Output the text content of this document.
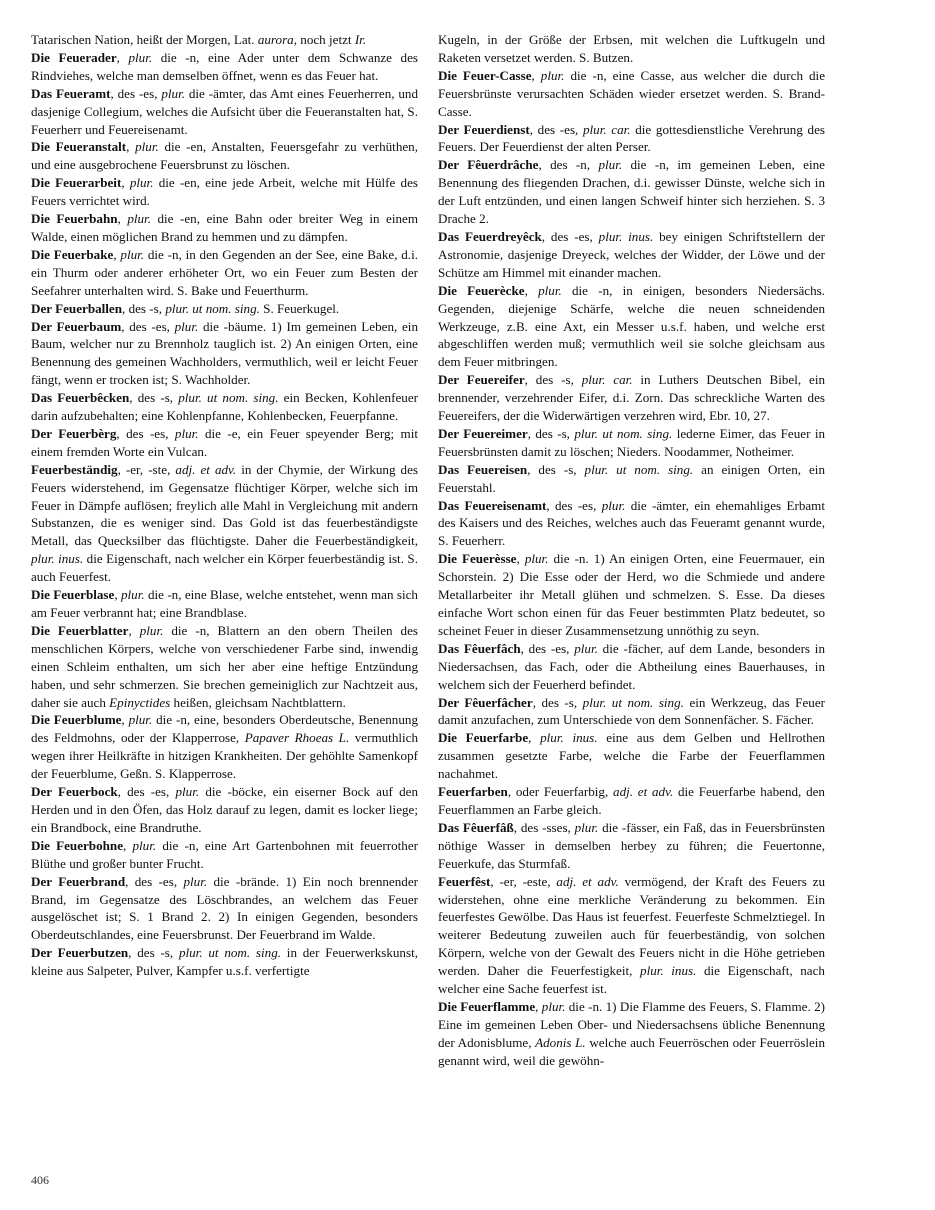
Tatarischen Nation, heißt der Morgen, Lat. aurora, noch jetzt Ir.

Die Feuerader, plur. die -n, eine Ader unter dem Schwanze des Rindviehes, welche man demselben öffnet, wenn es das Feuer hat.

Das Feueramt, des -es, plur. die -ämter, das Amt eines Feuerherren, und dasjenige Collegium, welches die Aufsicht über die Feueranstalten hat, S. Feuerherr und Feuereisenamt.

Die Feueranstalt, plur. die -en, Anstalten, Feuersgefahr zu verhüthen, und eine ausgebrochene Feuersbrunst zu löschen.

Die Feuerarbeit, plur. die -en, eine jede Arbeit, welche mit Hülfe des Feuers verrichtet wird.

Die Feuerbahn, plur. die -en, eine Bahn oder breiter Weg in einem Walde, einen möglichen Brand zu hemmen und zu dämpfen.

Die Feuerbake, plur. die -n, in den Gegenden an der See, eine Bake, d.i. ein Thurm oder anderer erhöheter Ort, wo ein Feuer zum Besten der Seefahrer unterhalten wird. S. Bake und Feuerthurm.

Der Feuerballen, des -s, plur. ut nom. sing. S. Feuerkugel.

Der Feuerbaum, des -es, plur. die -bäume. 1) Im gemeinen Leben, ein Baum, welcher nur zu Brennholz tauglich ist. 2) An einigen Orten, eine Benennung des gemeinen Wachholders, vermuthlich, weil er leicht Feuer fängt, wenn er trocken ist; S. Wachholder.

Das Feuerbêcken, des -s, plur. ut nom. sing. ein Becken, Kohlenfeuer darin aufzubehalten; eine Kohlenpfanne, Kohlenbecken, Feuerpfanne.

Der Feuerbèrg, des -es, plur. die -e, ein Feuer speyender Berg; mit einem fremden Worte ein Vulcan.

Feuerbeständig, -er, -ste, adj. et adv. in der Chymie, der Wirkung des Feuers widerstehend, im Gegensatze flüchtiger Körper, welche sich im Feuer in Dämpfe auflösen; freylich alle Mahl in Vergleichung mit andern Substanzen, die es weniger sind. Das Gold ist das feuerbeständigste Metall, das Quecksilber das flüchtigste. Daher die Feuerbeständigkeit, plur. inus. die Eigenschaft, nach welcher ein Körper feuerbeständig ist. S. auch Feuerfest.

Die Feuerblase, plur. die -n, eine Blase, welche entstehet, wenn man sich am Feuer verbrannt hat; eine Brandblase.

Die Feuerblatter, plur. die -n, Blattern an den obern Theilen des menschlichen Körpers, welche von verschiedener Farbe sind, inwendig einen Schleim enthalten, um sich her aber eine heftige Entzündung haben, und sehr schmerzen. Sie brechen gemeiniglich zur Nachtzeit aus, daher sie auch Epinyctides heißen, gleichsam Nachtblattern.

Die Feuerblume, plur. die -n, eine, besonders Oberdeutsche, Benennung des Feldmohns, oder der Klapperrose, Papaver Rhoeas L. vermuthlich wegen ihrer Heilkräfte in hitzigen Krankheiten. Der gehöhlte Samenkopf der Feuerblume, Geßn. S. Klapperrose.

Der Feuerbock, des -es, plur. die -böcke, ein eiserner Bock auf den Herden und in den Öfen, das Holz darauf zu legen, damit es locker liege; ein Brandbock, eine Brandruthe.

Die Feuerbohne, plur. die -n, eine Art Gartenbohnen mit feuerrother Blüthe und großer bunter Frucht.

Der Feuerbrand, des -es, plur. die -brände. 1) Ein noch brennender Brand, im Gegensatze des Löschbrandes, an welchem das Feuer ausgelöschet ist; S. 1 Brand 2. 2) In einigen Gegenden, besonders Oberdeutschlandes, eine Feuersbrunst. Der Feuerbrand im Walde.

Der Feuerbutzen, des -s, plur. ut nom. sing. in der Feuerwerkskunst, kleine aus Salpeter, Pulver, Kampfer u.s.f. verfertigte

Kugeln, in der Größe der Erbsen, mit welchen die Luftkugeln und Raketen versetzet werden. S. Butzen.

Die Feuer-Casse, plur. die -n, eine Casse, aus welcher die durch die Feuersbrünste verursachten Schäden wieder ersetzet werden. S. Brand-Casse.

Der Feuerdienst, des -es, plur. car. die gottesdienstliche Verehrung des Feuers. Der Feuerdienst der alten Perser.

Der Fêuerdrâche, des -n, plur. die -n, im gemeinen Leben, eine Benennung des fliegenden Drachen, d.i. gewisser Dünste, welche sich in der Luft entzünden, und einen langen Schweif hinter sich herziehen. S. 3 Drache 2.

Das Feuerdreyêck, des -es, plur. inus. bey einigen Schriftstellern der Astronomie, dasjenige Dreyeck, welches der Widder, der Löwe und der Schütze am Himmel mit einander machen.

Die Feuerècke, plur. die -n, in einigen, besonders Niedersächs. Gegenden, diejenige Schärfe, welche die neuen schneidenden Werkzeuge, z.B. eine Axt, ein Messer u.s.f. haben, und welche erst abgeschliffen werden muß; vermuthlich weil sie solche gleichsam aus dem Feuer mitbringen.

Der Feuereifer, des -s, plur. car. in Luthers Deutschen Bibel, ein brennender, verzehrender Eifer, d.i. Zorn. Das schreckliche Warten des Feuereifers, der die Widerwärtigen verzehren wird, Ebr. 10, 27.

Der Feuereimer, des -s, plur. ut nom. sing. lederne Eimer, das Feuer in Feuersbrünsten damit zu löschen; Nieders. Noodammer, Notheimer.

Das Feuereisen, des -s, plur. ut nom. sing. an einigen Orten, ein Feuerstahl.

Das Feuereisenamt, des -es, plur. die -ämter, ein ehemahliges Erbamt des Kaisers und des Reiches, welches auch das Feueramt genannt wurde, S. Feuerherr.

Die Feuerèsse, plur. die -n. 1) An einigen Orten, eine Feuermauer, ein Schorstein. 2) Die Esse oder der Herd, wo die Schmiede und andere Metallarbeiter ihr Metall glühen und schmelzen. S. Esse. Da dieses einfache Wort schon einen für das Feuer bestimmten Platz bedeutet, so scheinet Feuer in dieser Zusammensetzung unnöthig zu seyn.

Das Fêuerfâch, des -es, plur. die -fächer, auf dem Lande, besonders in Niedersachsen, das Fach, oder die Abtheilung eines Bauerhauses, in welchem sich der Feuerherd befindet.

Der Fêuerfâcher, des -s, plur. ut nom. sing. ein Werkzeug, das Feuer damit anzufachen, zum Unterschiede von dem Sonnenfächer. S. Fächer.

Die Feuerfarbe, plur. inus. eine aus dem Gelben und Hellrothen zusammen gesetzte Farbe, welche die Farbe der Feuerflammen nachahmet.

Feuerfarben, oder Feuerfarbig, adj. et adv. die Feuerfarbe habend, den Feuerflammen an Farbe gleich.

Das Fêuerfâß, des -sses, plur. die -fässer, ein Faß, das in Feuersbrünsten nöthige Wasser in demselben herbey zu führen; die Feuertonne, Feuerkufe, das Sturmfaß.

Feuerfêst, -er, -este, adj. et adv. vermögend, der Kraft des Feuers zu widerstehen, ohne eine merkliche Veränderung zu bekommen. Ein feuerfestes Gewölbe. Das Haus ist feuerfest. Feuerfeste Schmelztiegel. In weiterer Bedeutung zuweilen auch für feuerbeständig, von solchen Körpern, welche von der Gewalt des Feuers nicht in die Höhe getrieben werden. Daher die Feuerfestigkeit, plur. inus. die Eigenschaft, nach welcher eine Sache feuerfest ist.

Die Feuerflamme, plur. die -n. 1) Die Flamme des Feuers, S. Flamme. 2) Eine im gemeinen Leben Ober- und Niedersachsens übliche Benennung der Adonisblume, Adonis L. welche auch Feuerröschen oder Feuerröslein genannt wird, weil die gewöhn-

406
